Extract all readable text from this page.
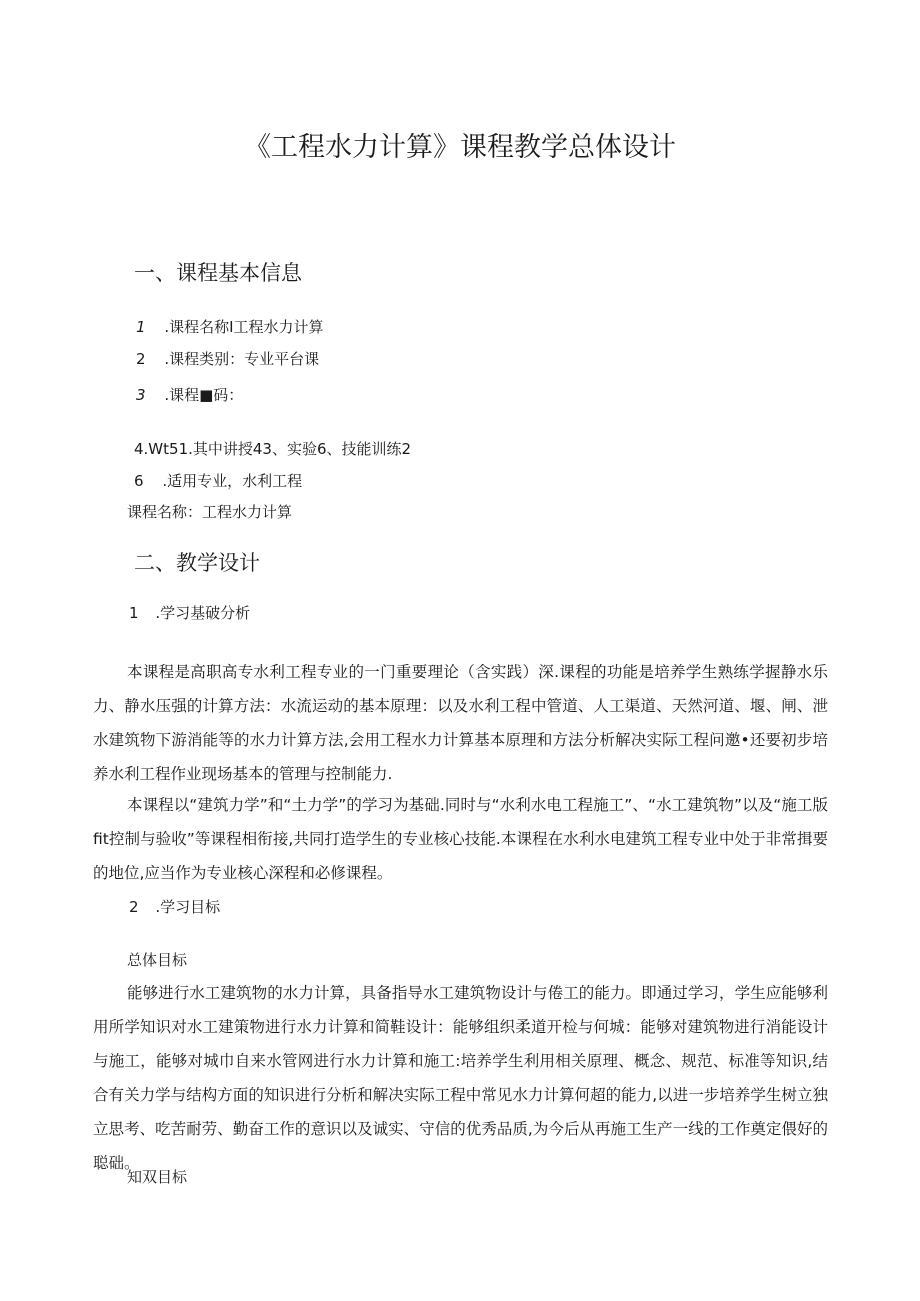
《工程水力计算》课程教学总体设计
一、课程基本信息
1 .课程名称I工程水力计算
2 .课程类别：专业平台课
3 .课程■码：
4.Wt51.其中讲授43、实验6、技能训练2
6 .适用专业，水利工程
课程名称：工程水力计算
二、教学设计
1 .学习基破分析
本课程是高职高专水利工程专业的一门重要理论（含实践）深.课程的功能是培养学生熟练学握静水乐力、静水压强的计算方法：水流运动的基本原理：以及水利工程中管道、人工渠道、天然河道、堰、闸、泄水建筑物下游消能等的水力计算方法,会用工程水力计算基本原理和方法分析解决实际工程问邀•还要初步培养水利工程作业现场基本的管理与控制能力.
本课程以“建筑力学”和“土力学”的学习为基础.同时与“水利水电工程施工”、“水工建筑物”以及“施工版fit控制与验收”等课程相衔接,共同打造学生的专业核心技能.本课程在水利水电建筑工程专业中处于非常揖要的地位,应当作为专业核心深程和必修课程。
2 .学习目标
总体目标
能够进行水工建筑物的水力计算，具备指导水工建筑物设计与倦工的能力。即通过学习，学生应能够利用所学知识对水工建策物进行水力计算和简鞋设计：能够组织柔道开检与何城：能够对建筑物进行消能设计与施工，能够对城巾自来水管网进行水力计算和施工:培养学生利用相关原理、概念、规范、标准等知识,结合有关力学与结构方面的知识进行分析和解决实际工程中常见水力计算何超的能力,以进一步培养学生树立独立思考、吃苦耐劳、勤奋工作的意识以及诚实、守信的优秀品质,为今后从再施工生产一线的工作奠定偎好的聪础。
知双目标
